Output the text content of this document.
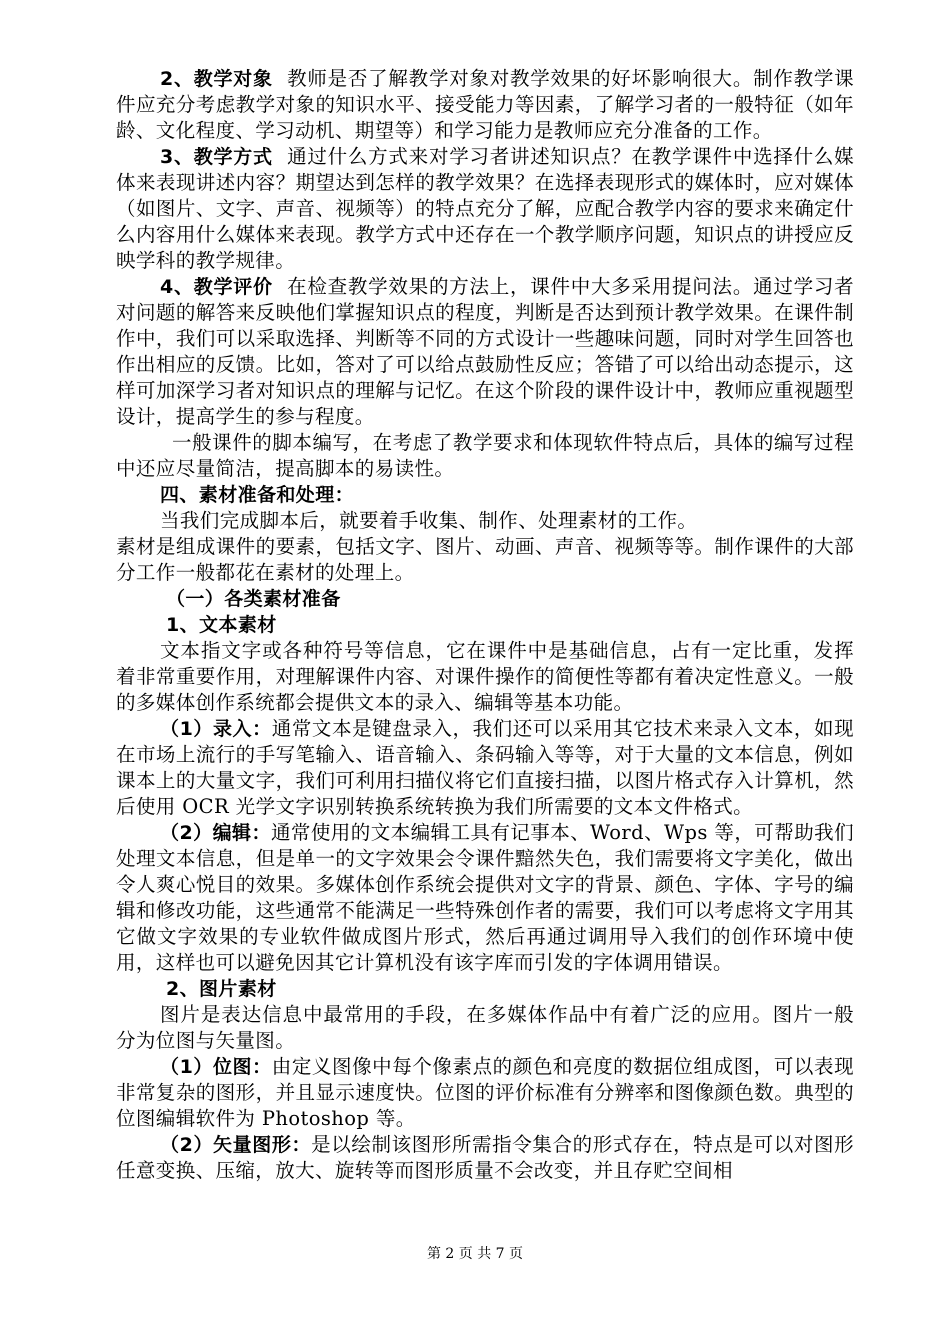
2、教学对象 教师是否了解教学对象对教学效果的好坏影响很大。制作教学课件应充分考虑教学对象的知识水平、接受能力等因素，了解学习者的一般特征（如年龄、文化程度、学习动机、期望等）和学习能力是教师应充分准备的工作。

3、教学方式 通过什么方式来对学习者讲述知识点？在教学课件中选择什么媒体来表现讲述内容？期望达到怎样的教学效果？在选择表现形式的媒体时，应对媒体（如图片、文字、声音、视频等）的特点充分了解，应配合教学内容的要求来确定什么内容用什么媒体来表现。教学方式中还存在一个教学顺序问题，知识点的讲授应反映学科的教学规律。

4、教学评价 在检查教学效果的方法上，课件中大多采用提问法。通过学习者对问题的解答来反映他们掌握知识点的程度，判断是否达到预计教学效果。在课件制作中，我们可以采取选择、判断等不同的方式设计一些趣味问题，同时对学生回答也作出相应的反馈。比如，答对了可以给点鼓励性反应；答错了可以给出动态提示，这样可加深学习者对知识点的理解与记忆。在这个阶段的课件设计中，教师应重视题型设计，提高学生的参与程度。

一般课件的脚本编写，在考虑了教学要求和体现软件特点后，具体的编写过程中还应尽量简洁，提高脚本的易读性。

四、素材准备和处理：

当我们完成脚本后，就要着手收集、制作、处理素材的工作。

素材是组成课件的要素，包括文字、图片、动画、声音、视频等等。制作课件的大部分工作一般都花在素材的处理上。

（一）各类素材准备

1、文本素材

文本指文字或各种符号等信息，它在课件中是基础信息，占有一定比重，发挥着非常重要作用，对理解课件内容、对课件操作的简便性等都有着决定性意义。一般的多媒体创作系统都会提供文本的录入、编辑等基本功能。

（1）录入：通常文本是键盘录入，我们还可以采用其它技术来录入文本，如现在市场上流行的手写笔输入、语音输入、条码输入等等，对于大量的文本信息，例如课本上的大量文字，我们可利用扫描仪将它们直接扫描，以图片格式存入计算机，然后使用 OCR 光学文字识别转换系统转换为我们所需要的文本文件格式。

（2）编辑：通常使用的文本编辑工具有记事本、Word、Wps 等，可帮助我们处理文本信息，但是单一的文字效果会令课件黯然失色，我们需要将文字美化，做出令人爽心悦目的效果。多媒体创作系统会提供对文字的背景、颜色、字体、字号的编辑和修改功能，这些通常不能满足一些特殊创作者的需要，我们可以考虑将文字用其它做文字效果的专业软件做成图片形式，然后再通过调用导入我们的创作环境中使用，这样也可以避免因其它计算机没有该字库而引发的字体调用错误。

2、图片素材

图片是表达信息中最常用的手段，在多媒体作品中有着广泛的应用。图片一般分为位图与矢量图。

（1）位图：由定义图像中每个像素点的颜色和亮度的数据位组成图，可以表现非常复杂的图形，并且显示速度快。位图的评价标准有分辨率和图像颜色数。典型的位图编辑软件为 Photoshop 等。

（2）矢量图形：是以绘制该图形所需指令集合的形式存在，特点是可以对图形任意变换、压缩，放大、旋转等而图形质量不会改变，并且存贮空间相

第 2 页 共 7 页
